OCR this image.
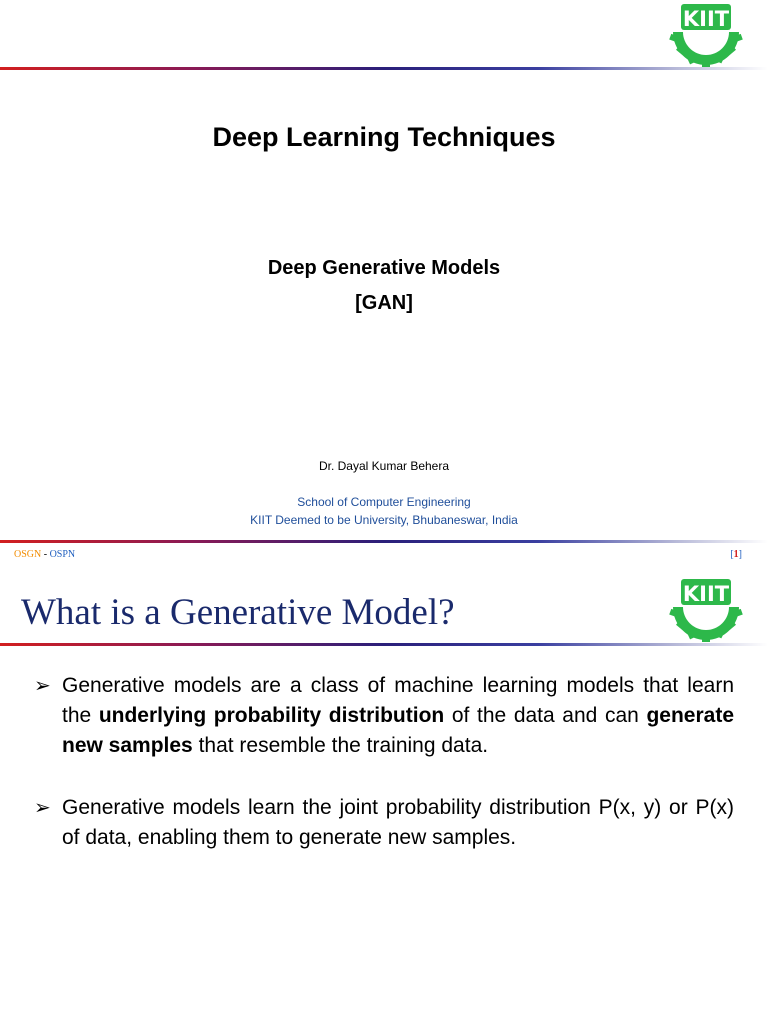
KIIT
Deep Learning Techniques
Deep Generative Models
[GAN]
Dr. Dayal Kumar Behera
School of Computer Engineering
KIIT Deemed to be University, Bhubaneswar, India
OSGN - OSPN	[1]
What is a Generative Model?	KIIT
➢ Generative models are a class of machine learning models that learn the underlying probability distribution of the data and can generate new samples that resemble the training data.
➢ Generative models learn the joint probability distribution P(x, y) or P(x) of data, enabling them to generate new samples.
